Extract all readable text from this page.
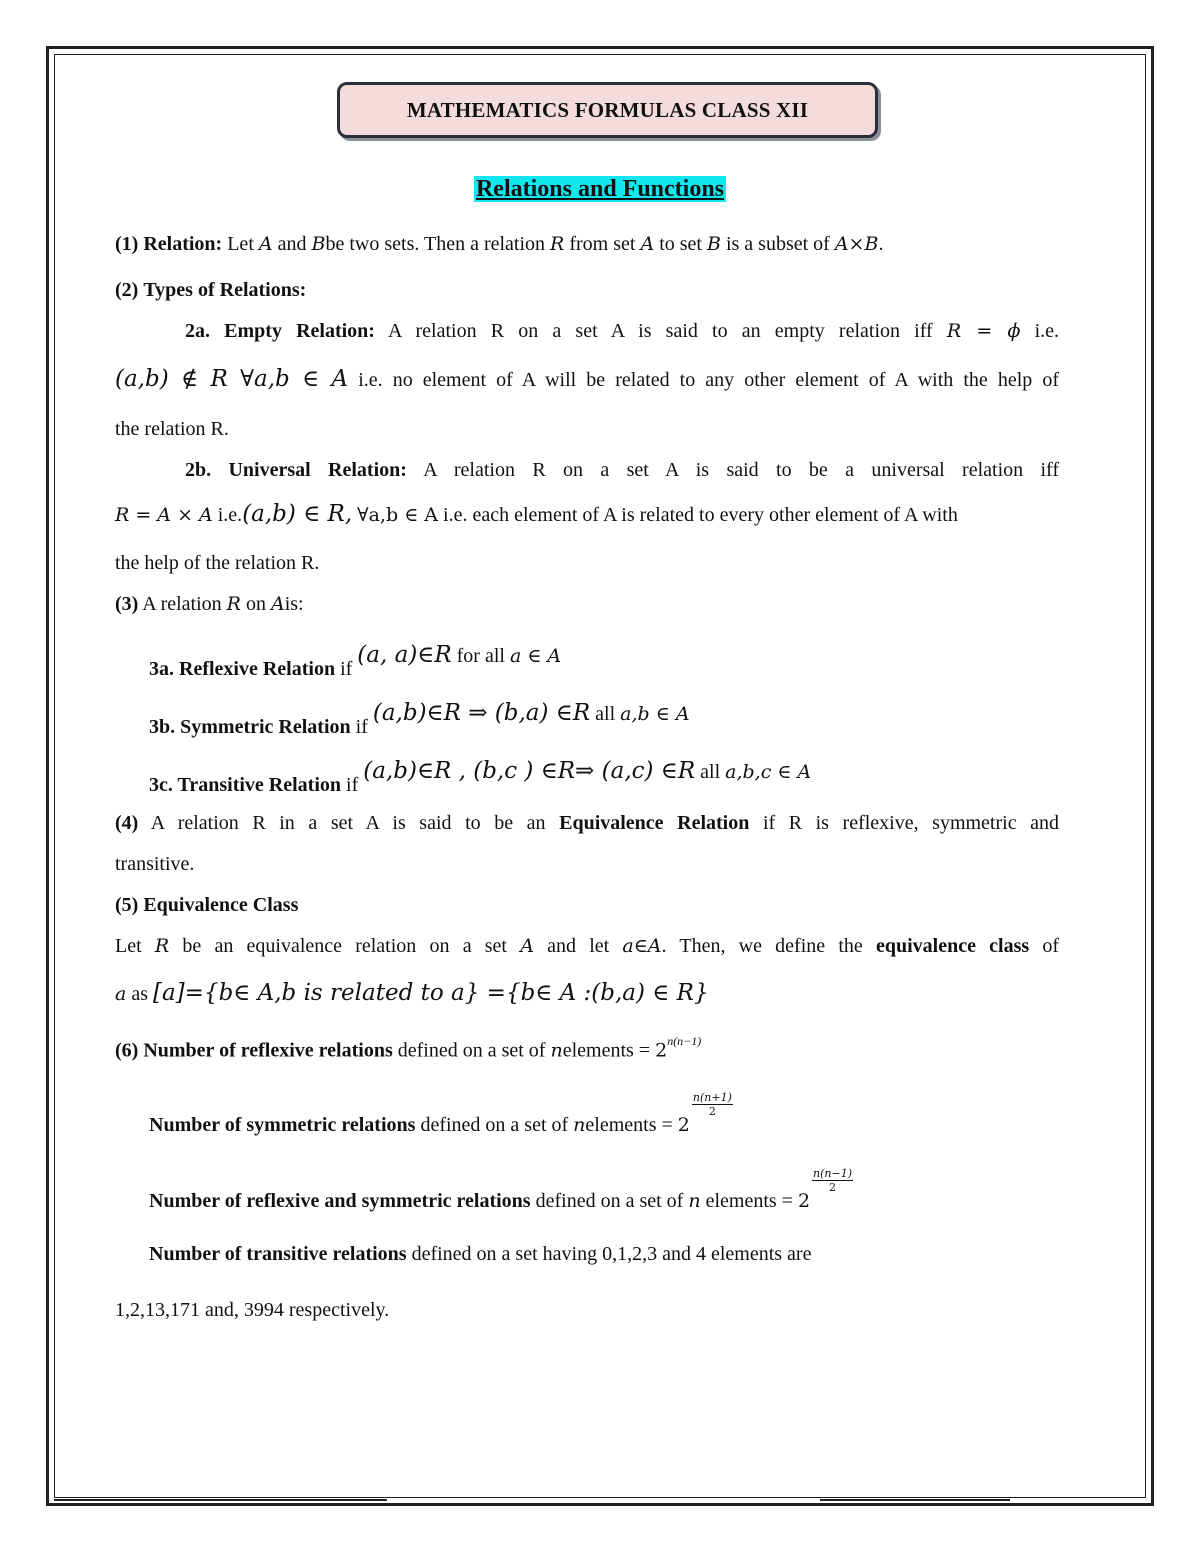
MATHEMATICS FORMULAS CLASS XII
Relations and Functions
(1) Relation: Let A and Bbe two sets. Then a relation R from set A to set B is a subset of A×B.
(2) Types of Relations:
2a. Empty Relation: A relation R on a set A is said to an empty relation iff R = ϕ i.e.
(a,b) ∉ R ∀a,b ∈ A i.e. no element of A will be related to any other element of A with the help of
the relation R.
2b. Universal Relation: A relation R on a set A is said to be a universal relation iff
R = A × A i.e.(a,b) ∈ R, ∀a,b ∈ A i.e. each element of A is related to every other element of A with
the help of the relation R.
(3) A relation R on Ais:
3a. Reflexive Relation if (a, a)∈R for all a ∈ A
3b. Symmetric Relation if (a,b)∈R ⇒ (b,a) ∈R all a,b ∈ A
3c. Transitive Relation if (a,b)∈R , (b,c ) ∈R⇒ (a,c) ∈R all a,b,c ∈ A
(4) A relation R in a set A is said to be an Equivalence Relation if R is reflexive, symmetric and
transitive.
(5) Equivalence Class
Let R be an equivalence relation on a set A and let a∈A. Then, we define the equivalence class of
a as [a]={b∈ A,b is related to a} ={b∈ A :(b,a) ∈ R}
(6) Number of reflexive relations defined on a set of nelements = $2^{n(n-1)}$
Number of symmetric relations defined on a set of nelements = 2
$\frac{n(n+1)}{2}$
Number of reflexive and symmetric relations defined on a set of n elements = 2
$\frac{n(n-1)}{2}$
Number of transitive relations defined on a set having 0,1,2,3 and 4 elements are
1,2,13,171 and, 3994 respectively.
